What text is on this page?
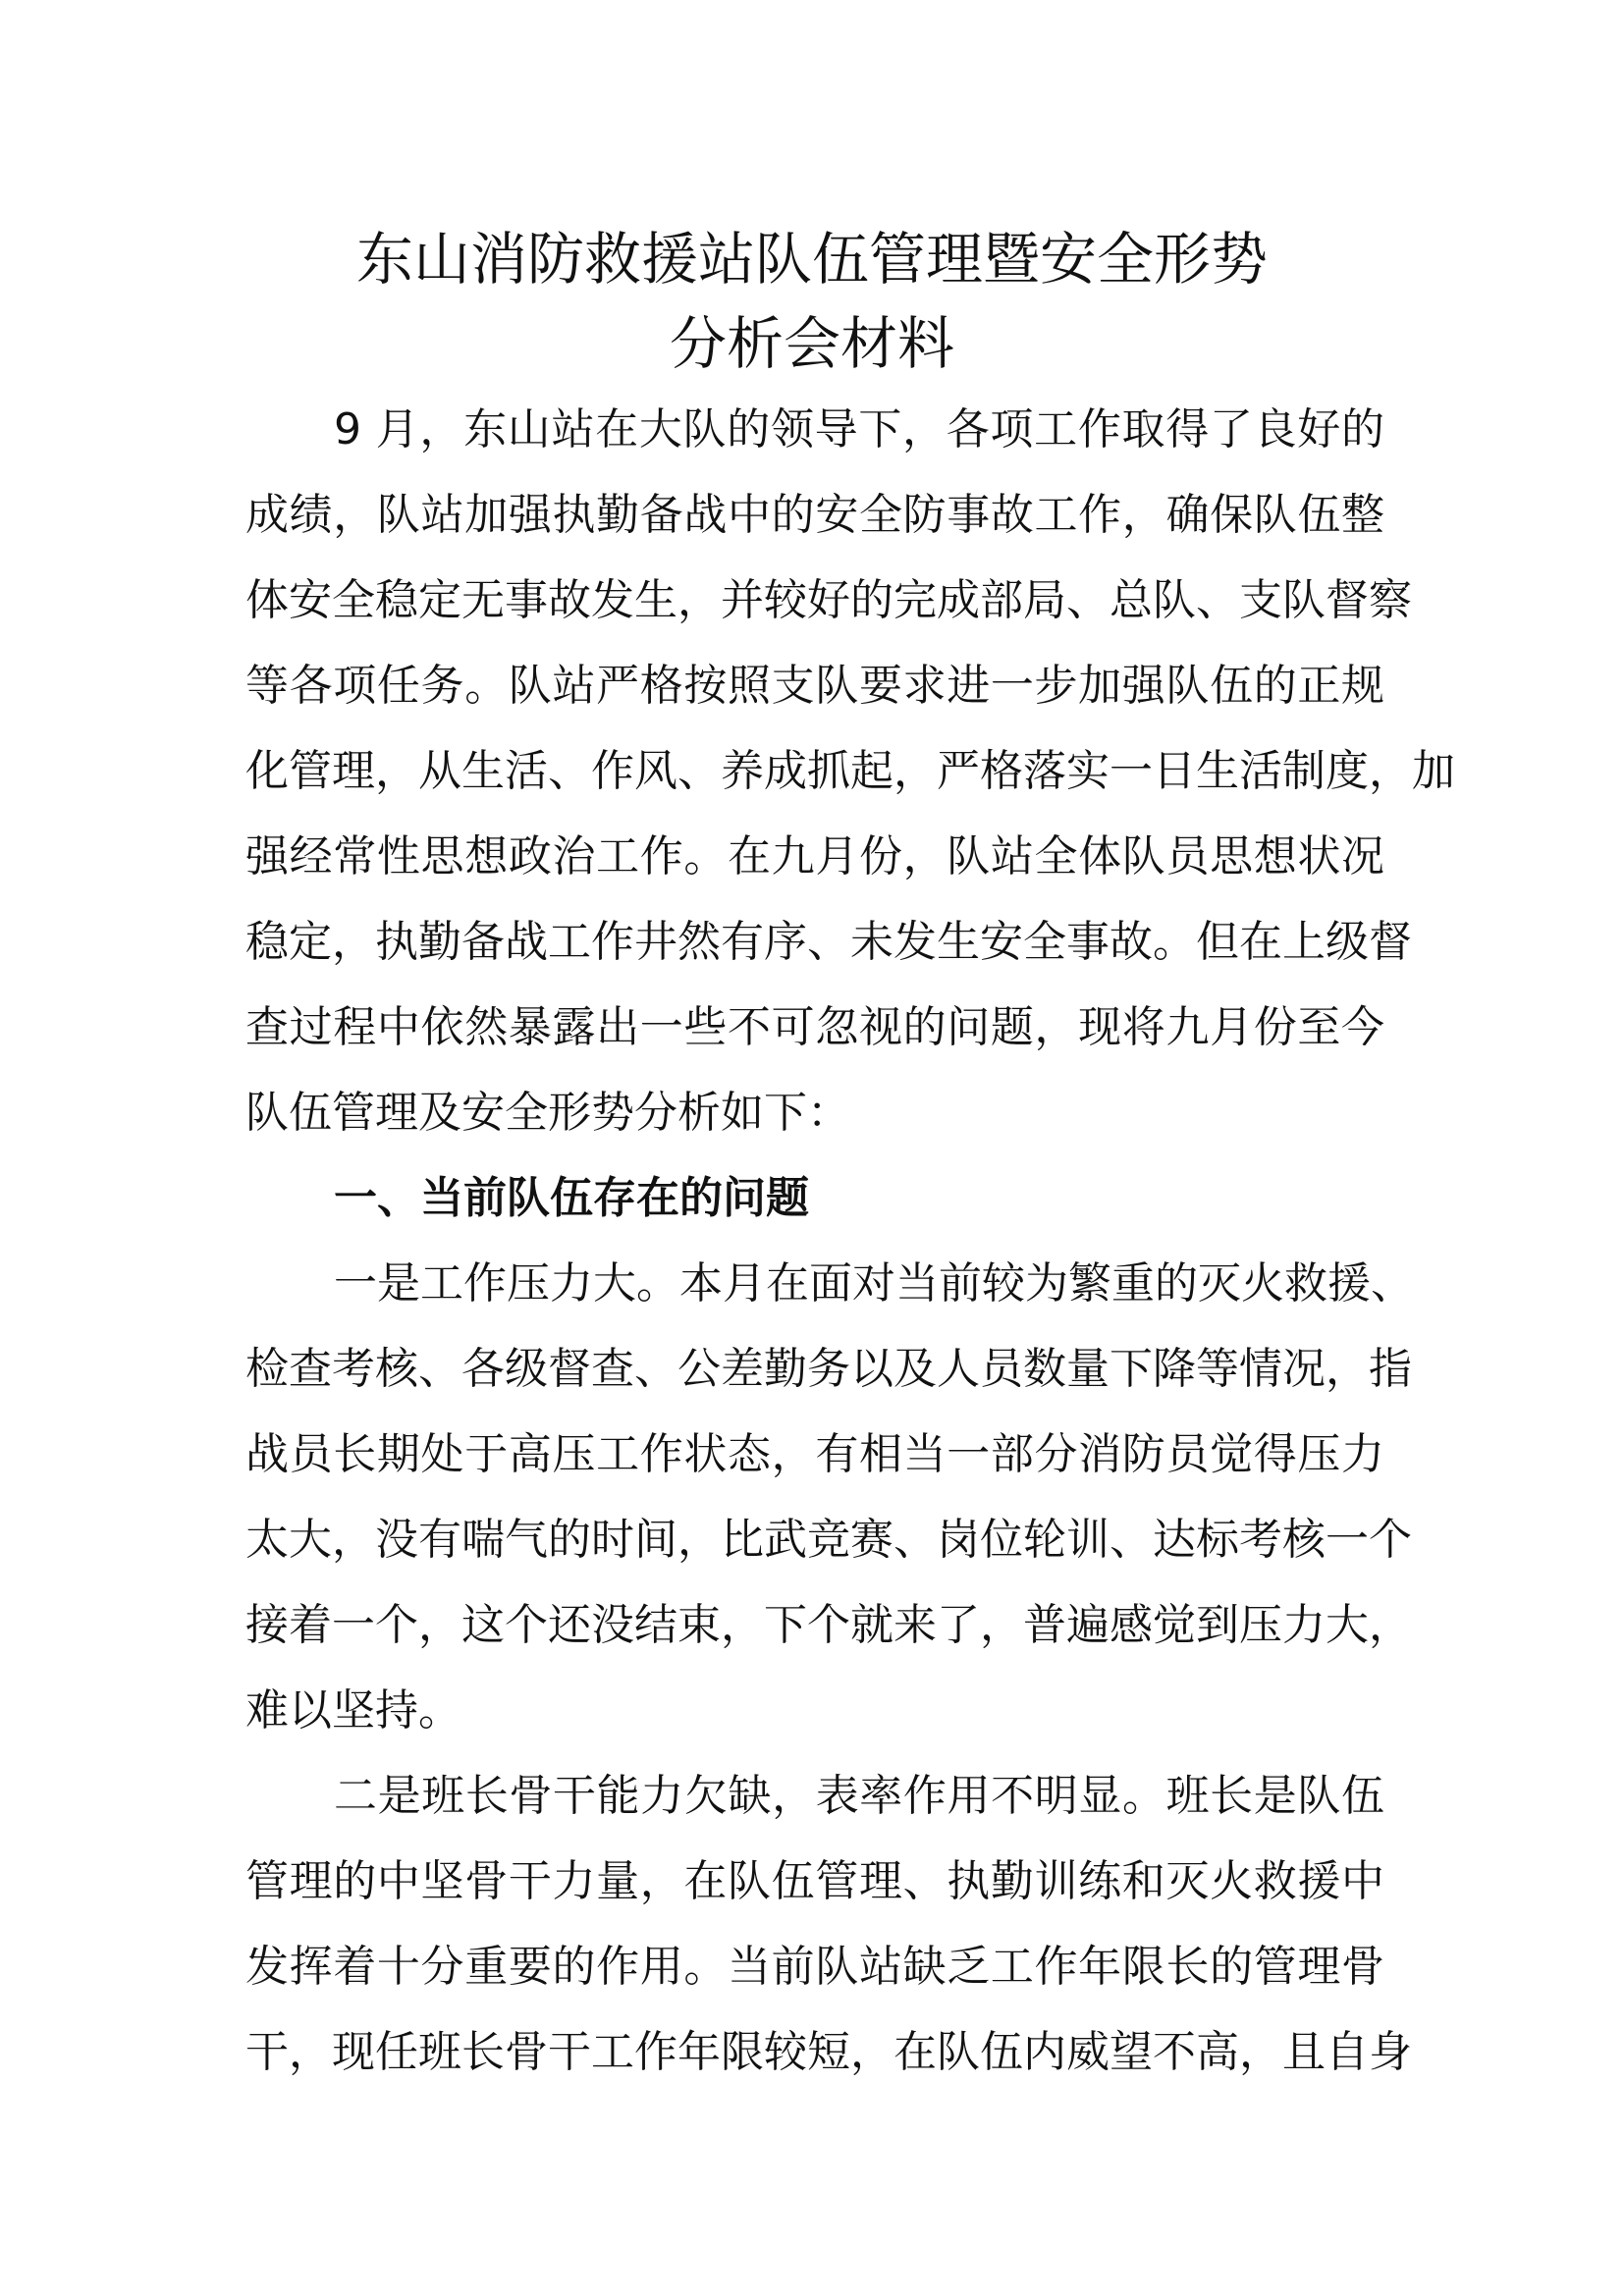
东山消防救援站队伍管理暨安全形势
分析会材料

9 月，东山站在大队的领导下，各项工作取得了良好的

成绩，队站加强执勤备战中的安全防事故工作，确保队伍整

体安全稳定无事故发生，并较好的完成部局、总队、支队督察

等各项任务。队站严格按照支队要求进一步加强队伍的正规

化管理，从生活、作风、养成抓起，严格落实一日生活制度，加

强经常性思想政治工作。在九月份，队站全体队员思想状况

稳定，执勤备战工作井然有序、未发生安全事故。但在上级督

查过程中依然暴露出一些不可忽视的问题，现将九月份至今

队伍管理及安全形势分析如下：

一、当前队伍存在的问题

一是工作压力大。本月在面对当前较为繁重的灭火救援、

检查考核、各级督查、公差勤务以及人员数量下降等情况，指

战员长期处于高压工作状态，有相当一部分消防员觉得压力

太大，没有喘气的时间，比武竞赛、岗位轮训、达标考核一个

接着一个，这个还没结束，下个就来了，普遍感觉到压力大，

难以坚持。

二是班长骨干能力欠缺，表率作用不明显。班长是队伍

管理的中坚骨干力量，在队伍管理、执勤训练和灭火救援中

发挥着十分重要的作用。当前队站缺乏工作年限长的管理骨

干，现任班长骨干工作年限较短，在队伍内威望不高，且自身
